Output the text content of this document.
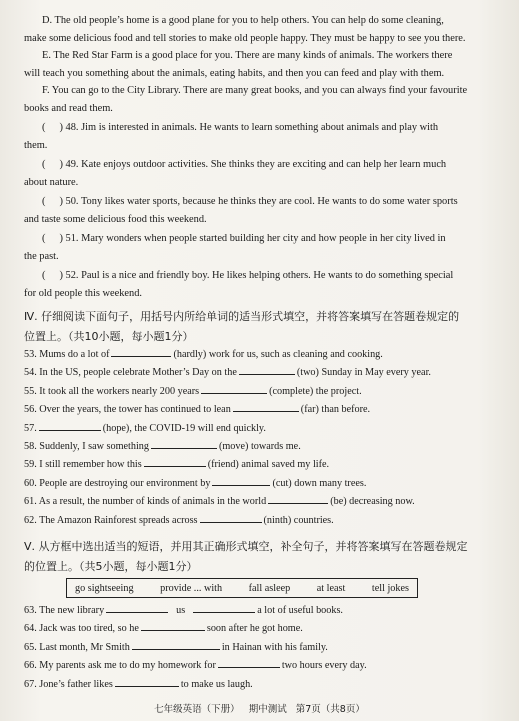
D. The old people’s home is a good plane for you to help others. You can help do some cleaning,
make some delicious food and tell stories to make old people happy. They must be happy to see you there.
E. The Red Star Farm is a good place for you. There are many kinds of animals. The workers there
will teach you something about the animals, eating habits, and then you can feed and play with them.
F. You can go to the City Library. There are many great books, and you can always find your favourite
books and read them.
( ) 48. Jim is interested in animals. He wants to learn something about animals and play with
them.
( ) 49. Kate enjoys outdoor activities. She thinks they are exciting and can help her learn much
about nature.
( ) 50. Tony likes water sports, because he thinks they are cool. He wants to do some water sports
and taste some delicious food this weekend.
( ) 51. Mary wonders when people started building her city and how people in her city lived in
the past.
( ) 52. Paul is a nice and friendly boy. He likes helping others. He wants to do something special
for old people this weekend.
Ⅳ. 仔细阅读下面句子，用括号内所给单词的适当形式填空，并将答案填写在答题卷规定的
位置上。（共10小题，每小题1分）
53. Mums do a lot of	(hardly) work for us, such as cleaning and cooking.
54. In the US, people celebrate Mother’s Day on the	(two) Sunday in May every year.
55. It took all the workers nearly 200 years	(complete) the project.
56. Over the years, the tower has continued to lean	(far) than before.
57.	(hope), the COVID-19 will end quickly.
58. Suddenly, I saw something	(move) towards me.
59. I still remember how this	(friend) animal saved my life.
60. People are destroying our environment by	(cut) down many trees.
61. As a result, the number of kinds of animals in the world	(be) decreasing now.
62. The Amazon Rainforest spreads across	(ninth) countries.
Ⅴ. 从方框中选出适当的短语，并用其正确形式填空，补全句子，并将答案填写在答题卷规定
的位置上。（共5小题，每小题1分）
go sightseeing	provide ... with	fall asleep	at least	tell jokes
63. The new library	us	a lot of useful books.
64. Jack was too tired, so he	soon after he got home.
65. Last month, Mr Smith	in Hainan with his family.
66. My parents ask me to do my homework for	two hours every day.
67. Jone’s father likes	to make us laugh.
七年级英语（下册） 期中测试 第7页（共8页）
